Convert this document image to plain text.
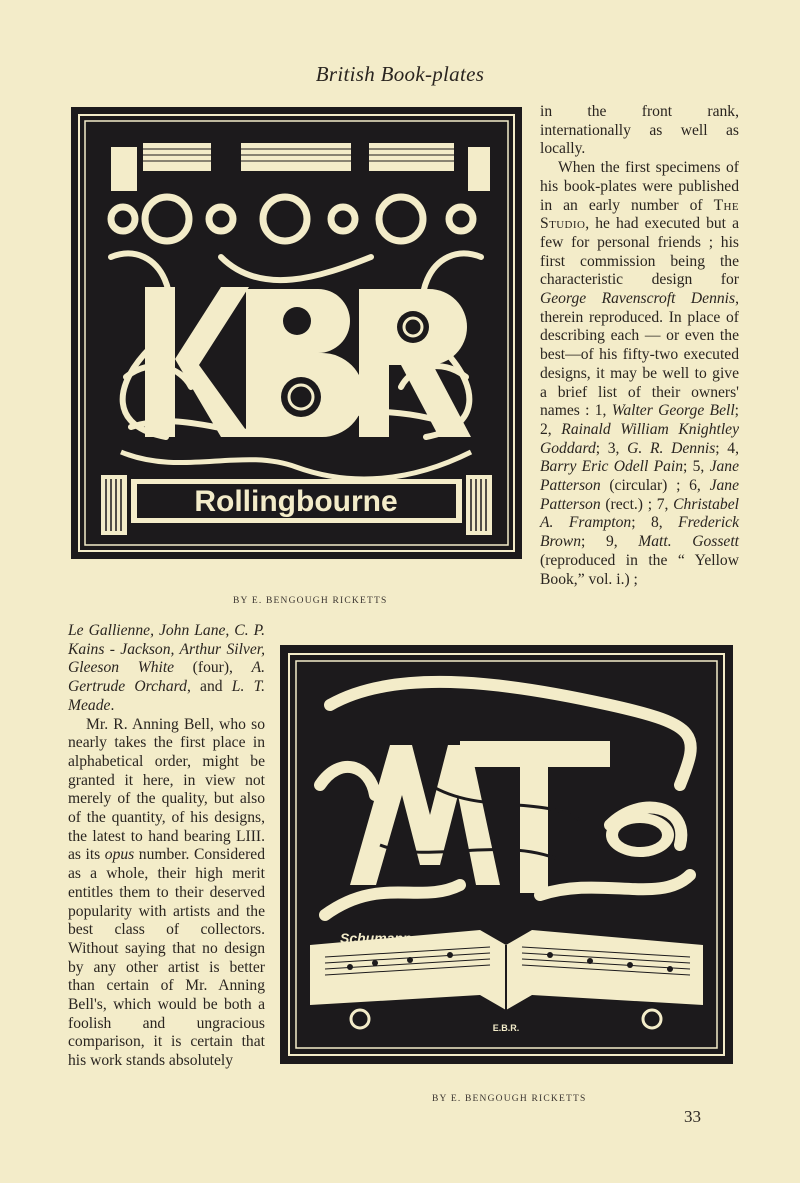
British Book-plates
Rollingbourne
BY E. BENGOUGH RICKETTS

in the front rank, internationally as well as locally.

When the first specimens of his book-plates were published in an early number of The Studio, he had executed but a few for personal friends ; his first commission being the characteristic design for George Ravenscroft Dennis, therein reproduced. In place of describing each — or even the best—of his fifty-two executed designs, it may be well to give a brief list of their owners' names : 1, Walter George Bell; 2, Rainald William Knightley Goddard; 3, G. R. Dennis; 4, Barry Eric Odell Pain; 5, Jane Patterson (circular) ; 6, Jane Patterson (rect.) ; 7, Christabel A. Frampton; 8, Frederick Brown; 9, Matt. Gossett (reproduced in the “ Yellow Book,” vol. i.) ;

Le Gallienne, John Lane, C. P. Kains - Jackson, Arthur Silver, Gleeson White (four), A. Gertrude Orchard, and L. T. Meade.

Mr. R. Anning Bell, who so nearly takes the first place in alphabetical order, might be granted it here, in view not merely of the quality, but also of the quantity, of his designs, the latest to hand bearing LIII. as its opus number. Considered as a whole, their high merit entitles them to their deserved popularity with artists and the best class of collectors. Without saying that no design by any other artist is better than certain of Mr. Anning Bell's, which would be both a foolish and ungracious comparison, it is certain that his work stands absolutely

Schumann
E.B.R.
BY E. BENGOUGH RICKETTS
33
